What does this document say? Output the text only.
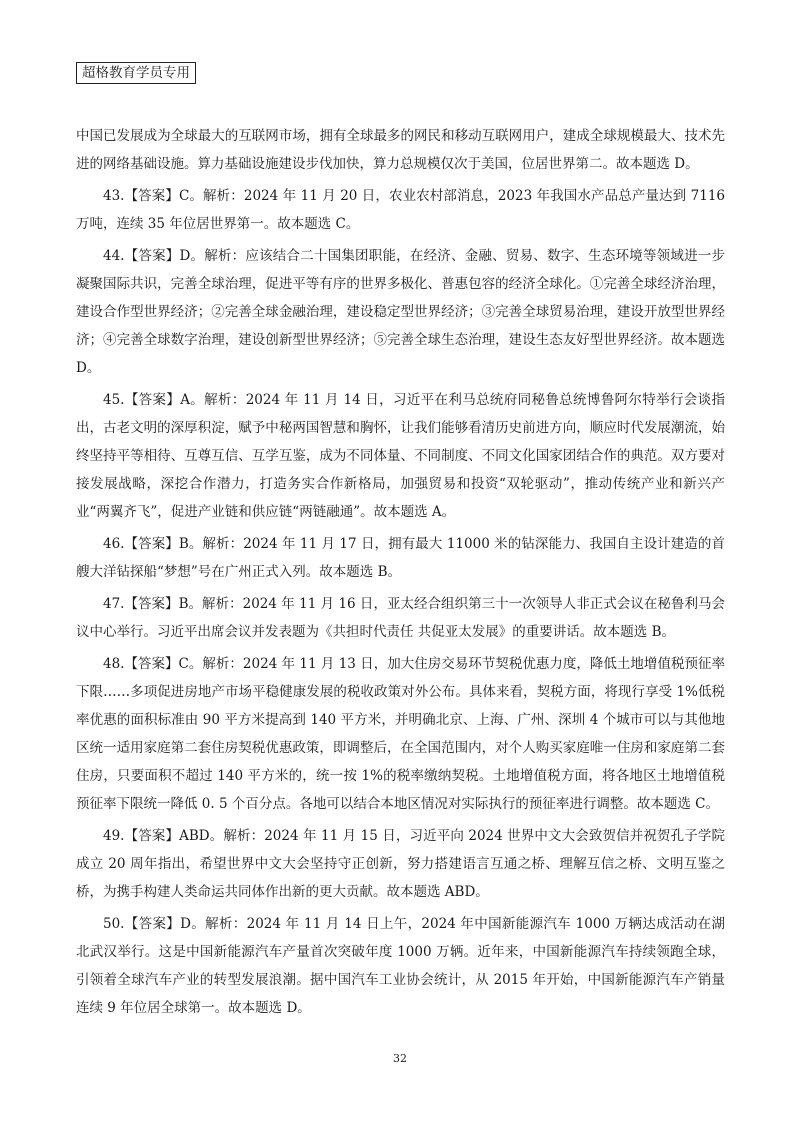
超格教育学员专用

中国已发展成为全球最大的互联网市场，拥有全球最多的网民和移动互联网用户，建成全球规模最大、技术先进的网络基础设施。算力基础设施建设步伐加快，算力总规模仅次于美国，位居世界第二。故本题选 D。

43.【答案】C。解析：2024 年 11 月 20 日，农业农村部消息，2023 年我国水产品总产量达到 7116 万吨，连续 35 年位居世界第一。故本题选 C。

44.【答案】D。解析：应该结合二十国集团职能，在经济、金融、贸易、数字、生态环境等领域进一步凝聚国际共识，完善全球治理，促进平等有序的世界多极化、普惠包容的经济全球化。①完善全球经济治理，建设合作型世界经济；②完善全球金融治理，建设稳定型世界经济；③完善全球贸易治理，建设开放型世界经济；④完善全球数字治理，建设创新型世界经济；⑤完善全球生态治理，建设生态友好型世界经济。故本题选 D。

45.【答案】A。解析：2024 年 11 月 14 日，习近平在利马总统府同秘鲁总统博鲁阿尔特举行会谈指出，古老文明的深厚积淀，赋予中秘两国智慧和胸怀，让我们能够看清历史前进方向，顺应时代发展潮流，始终坚持平等相待、互尊互信、互学互鉴，成为不同体量、不同制度、不同文化国家团结合作的典范。双方要对接发展战略，深挖合作潜力，打造务实合作新格局，加强贸易和投资“双轮驱动”，推动传统产业和新兴产业“两翼齐飞”，促进产业链和供应链“两链融通”。故本题选 A。

46.【答案】B。解析：2024 年 11 月 17 日，拥有最大 11000 米的钻深能力、我国自主设计建造的首艘大洋钻探船“梦想”号在广州正式入列。故本题选 B。

47.【答案】B。解析：2024 年 11 月 16 日，亚太经合组织第三十一次领导人非正式会议在秘鲁利马会议中心举行。习近平出席会议并发表题为《共担时代责任 共促亚太发展》的重要讲话。故本题选 B。

48.【答案】C。解析：2024 年 11 月 13 日，加大住房交易环节契税优惠力度，降低土地增值税预征率下限……多项促进房地产市场平稳健康发展的税收政策对外公布。具体来看，契税方面，将现行享受 1%低税率优惠的面积标准由 90 平方米提高到 140 平方米，并明确北京、上海、广州、深圳 4 个城市可以与其他地区统一适用家庭第二套住房契税优惠政策，即调整后，在全国范围内，对个人购买家庭唯一住房和家庭第二套住房，只要面积不超过 140 平方米的，统一按 1%的税率缴纳契税。土地增值税方面，将各地区土地增值税预征率下限统一降低 0. 5 个百分点。各地可以结合本地区情况对实际执行的预征率进行调整。故本题选 C。

49.【答案】ABD。解析：2024 年 11 月 15 日，习近平向 2024 世界中文大会致贺信并祝贺孔子学院成立 20 周年指出，希望世界中文大会坚持守正创新，努力搭建语言互通之桥、理解互信之桥、文明互鉴之桥，为携手构建人类命运共同体作出新的更大贡献。故本题选 ABD。

50.【答案】D。解析：2024 年 11 月 14 日上午，2024 年中国新能源汽车 1000 万辆达成活动在湖北武汉举行。这是中国新能源汽车产量首次突破年度 1000 万辆。近年来，中国新能源汽车持续领跑全球，引领着全球汽车产业的转型发展浪潮。据中国汽车工业协会统计，从 2015 年开始，中国新能源汽车产销量连续 9 年位居全球第一。故本题选 D。

32
